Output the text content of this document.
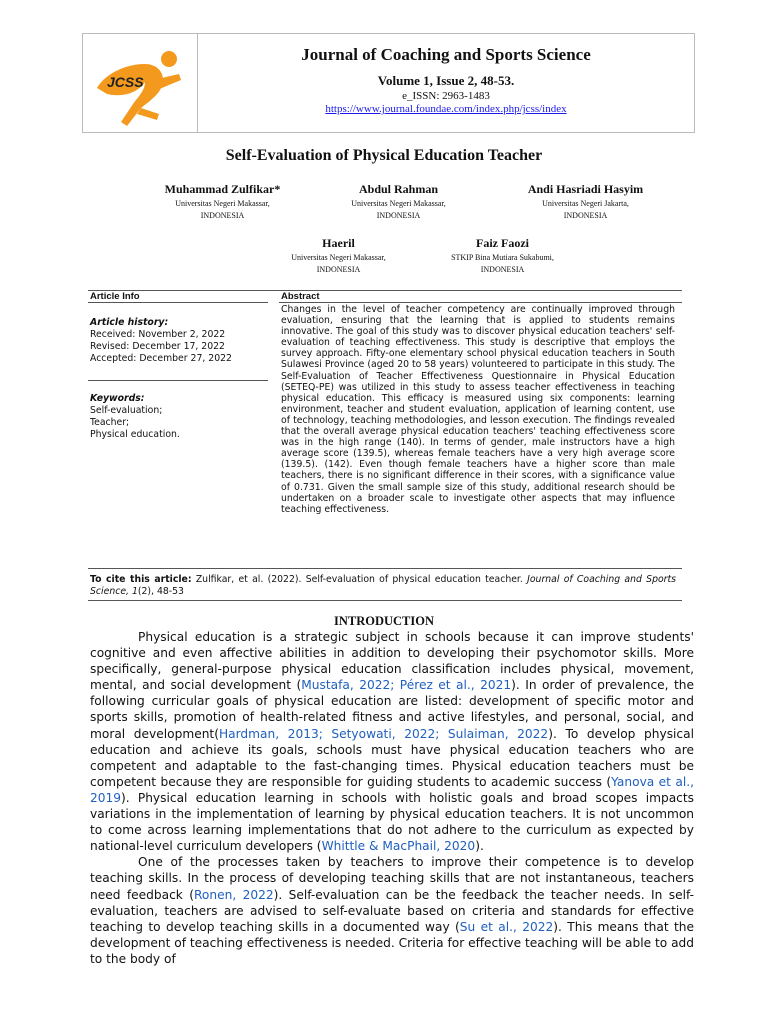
JCSS
Journal of Coaching and Sports Science
Volume 1, Issue 2, 48-53.
e_ISSN: 2963-1483
https://www.journal.foundae.com/index.php/jcss/index
Self-Evaluation of Physical Education Teacher
Muhammad Zulfikar*
Universitas Negeri Makassar,
INDONESIA
Abdul Rahman
Universitas Negeri Makassar,
INDONESIA
Andi Hasriadi Hasyim
Universitas Negeri Jakarta,
INDONESIA
Haeril
Universitas Negeri Makassar,
INDONESIA
Faiz Faozi
STKIP Bina Mutiara Sukabumi,
INDONESIA
Article Info	Abstract
Article history:
Received: November 2, 2022
Revised: December 17, 2022
Accepted: December 27, 2022
Keywords:
Self-evaluation;
Teacher;
Physical education.
Changes in the level of teacher competency are continually improved through evaluation, ensuring that the learning that is applied to students remains innovative. The goal of this study was to discover physical education teachers' self-evaluation of teaching effectiveness. This study is descriptive that employs the survey approach. Fifty-one elementary school physical education teachers in South Sulawesi Province (aged 20 to 58 years) volunteered to participate in this study. The Self-Evaluation of Teacher Effectiveness Questionnaire in Physical Education (SETEQ-PE) was utilized in this study to assess teacher effectiveness in teaching physical education. This efficacy is measured using six components: learning environment, teacher and student evaluation, application of learning content, use of technology, teaching methodologies, and lesson execution. The findings revealed that the overall average physical education teachers' teaching effectiveness score was in the high range (140). In terms of gender, male instructors have a high average score (139.5), whereas female teachers have a very high average score (139.5). (142). Even though female teachers have a higher score than male teachers, there is no significant difference in their scores, with a significance value of 0.731. Given the small sample size of this study, additional research should be undertaken on a broader scale to investigate other aspects that may influence teaching effectiveness.
To cite this article: Zulfikar, et al. (2022). Self-evaluation of physical education teacher. Journal of Coaching and Sports Science, 1(2), 48-53
INTRODUCTION

Physical education is a strategic subject in schools because it can improve students' cognitive and even affective abilities in addition to developing their psychomotor skills. More specifically, general-purpose physical education classification includes physical, movement, mental, and social development (Mustafa, 2022; Pérez et al., 2021). In order of prevalence, the following curricular goals of physical education are listed: development of specific motor and sports skills, promotion of health-related fitness and active lifestyles, and personal, social, and moral development(Hardman, 2013; Setyowati, 2022; Sulaiman, 2022). To develop physical education and achieve its goals, schools must have physical education teachers who are competent and adaptable to the fast-changing times. Physical education teachers must be competent because they are responsible for guiding students to academic success (Yanova et al., 2019). Physical education learning in schools with holistic goals and broad scopes impacts variations in the implementation of learning by physical education teachers. It is not uncommon to come across learning implementations that do not adhere to the curriculum as expected by national-level curriculum developers (Whittle & MacPhail, 2020).

One of the processes taken by teachers to improve their competence is to develop teaching skills. In the process of developing teaching skills that are not instantaneous, teachers need feedback (Ronen, 2022). Self-evaluation can be the feedback the teacher needs. In self-evaluation, teachers are advised to self-evaluate based on criteria and standards for effective teaching to develop teaching skills in a documented way (Su et al., 2022). This means that the development of teaching effectiveness is needed. Criteria for effective teaching will be able to add to the body of
